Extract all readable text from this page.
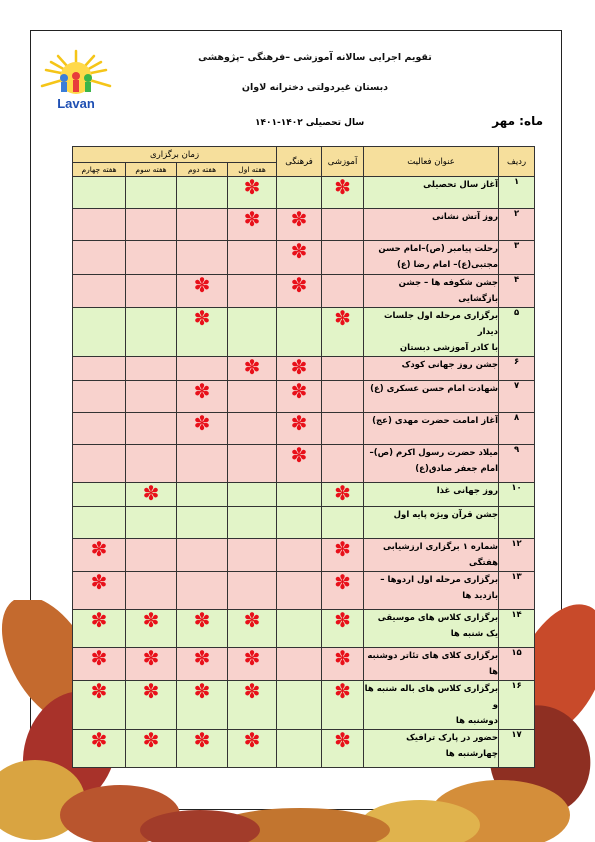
Lavan
تقویم اجرایی سالانه آموزشی –فرهنگی –پژوهشی
دبستان غیردولتی دخترانه لاوان
ماه: مهر
سال تحصیلی ۱۴۰۲-۱۴۰۱
ردیف	عنوان فعالیت	آموزشی	فرهنگی	زمان برگزاری			
				هفته اول	هفته دوم	هفته سوم	هفته چهارم
۱	آغاز سال تحصیلی	✽		✽			
۲	روز آتش نشانی		✽	✽			
۳	رحلت پیامبر (ص)–امام حسن
مجتبی(ع)– امام رضا (ع)		✽				
۴	جشن شکوفه ها – جشن بازگشایی		✽		✽		
۵	برگزاری مرحله اول جلسات دیدار
با کادر آموزشی دبستان	✽			✽		
۶	جشن روز جهانی کودک		✽	✽			
۷	شهادت امام حسن عسکری (ع)		✽		✽		
۸	آغاز امامت حضرت مهدی (عج)		✽		✽		
۹	میلاد حضرت رسول اکرم (ص)–
امام جعفر صادق(ع)		✽				
۱۰	روز جهانی غذا	✽				✽	
	جشن قرآن ویژه پایه اول						
۱۲	شماره ۱ برگزاری ارزشیابی هفتگی	✽					✽
۱۳	برگزاری مرحله اول اردوها –
بازدید ها	✽					✽
۱۴	برگزاری کلاس های موسیقی
یک شنبه ها	✽		✽	✽	✽	✽
۱۵	برگزاری کلای های تئاتر دوشنبه ها	✽		✽	✽	✽	✽
۱۶	برگزاری کلاس های باله شنبه ها و
دوشنبه ها	✽		✽	✽	✽	✽
۱۷	حضور در پارک ترافیک
چهارشنبه ها	✽		✽	✽	✽	✽
